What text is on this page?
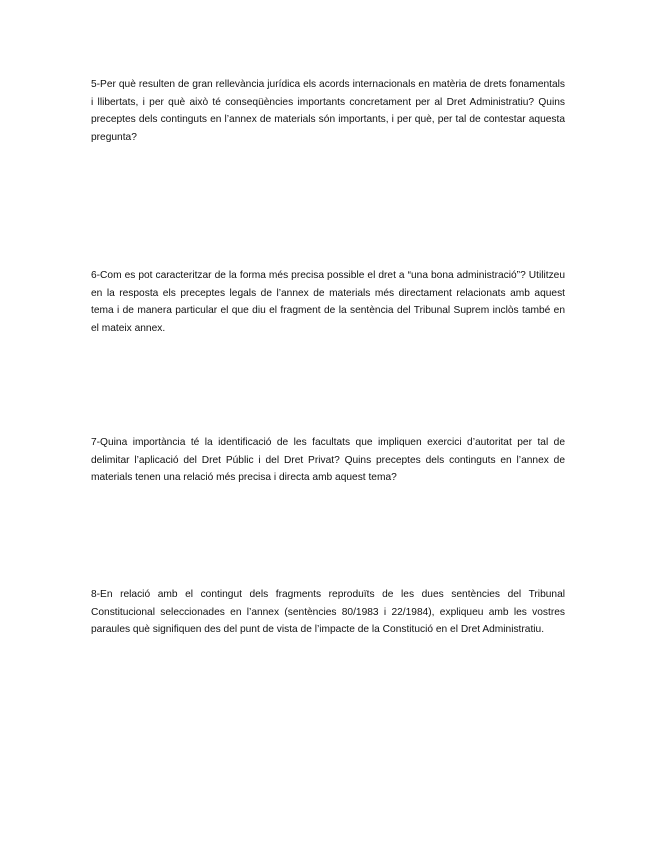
5-Per què resulten de gran rellevància jurídica els acords internacionals en matèria de drets fonamentals i llibertats, i per què això té conseqüències importants concretament per al Dret Administratiu? Quins preceptes dels continguts en l’annex de materials són importants, i per què, per tal de contestar aquesta pregunta?

6-Com es pot caracteritzar de la forma més precisa possible el dret a “una bona administració”? Utilitzeu en la resposta els preceptes legals de l’annex de materials més directament relacionats amb aquest tema i de manera particular el que diu el fragment de la sentència del Tribunal Suprem inclòs també en el mateix annex.

7-Quina importància té la identificació de les facultats que impliquen exercici d’autoritat per tal de delimitar l’aplicació del Dret Públic i del Dret Privat? Quins preceptes dels continguts en l’annex de materials tenen una relació més precisa i directa amb aquest tema?

8-En relació amb el contingut dels fragments reproduïts de les dues sentències del Tribunal Constitucional seleccionades en l’annex (sentències 80/1983 i 22/1984), expliqueu amb les vostres paraules què signifiquen des del punt de vista de l’impacte de la Constitució en el Dret Administratiu.
